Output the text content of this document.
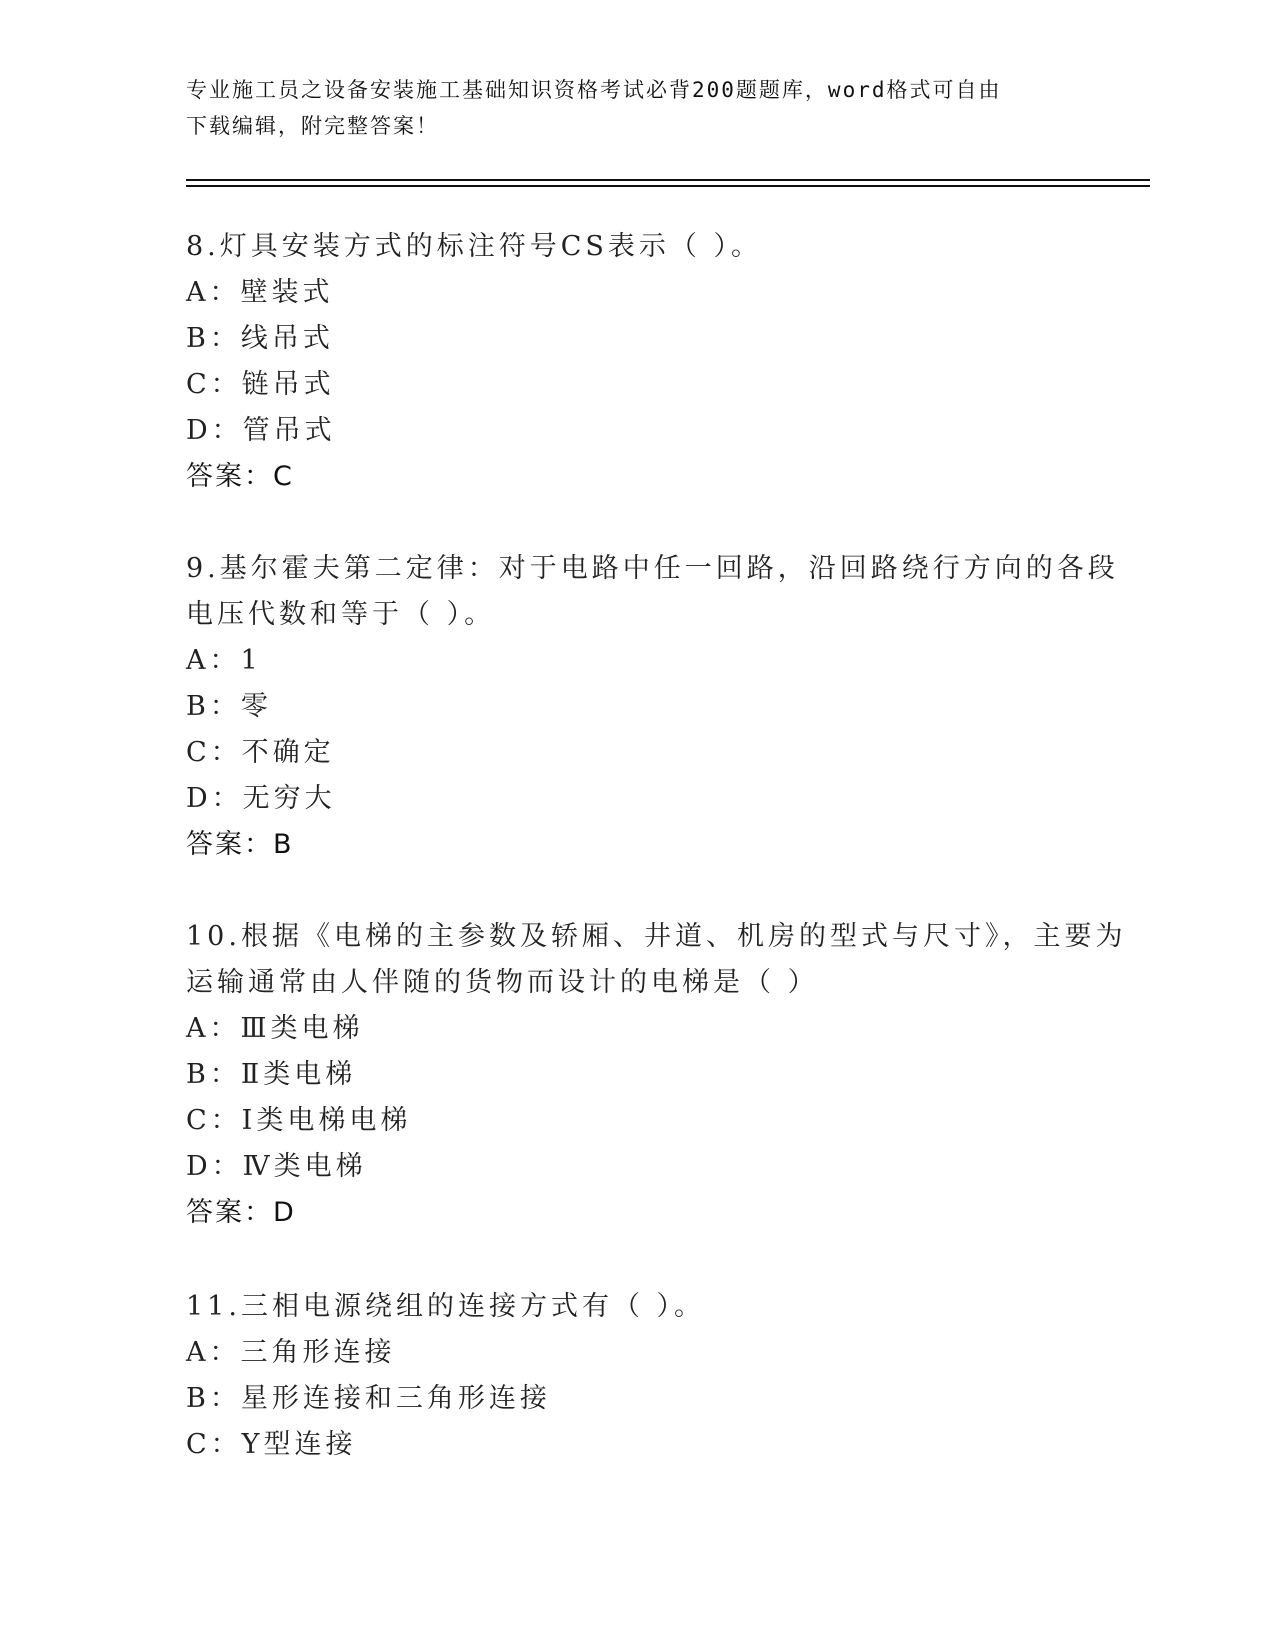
专业施工员之设备安装施工基础知识资格考试必背200题题库，word格式可自由
下载编辑，附完整答案！
8.灯具安装方式的标注符号CS表示（ ）。
A：壁装式
B：线吊式
C：链吊式
D：管吊式
答案：C
9.基尔霍夫第二定律：对于电路中任一回路，沿回路绕行方向的各段
电压代数和等于（ ）。
A：1
B：零
C：不确定
D：无穷大
答案：B
10.根据《电梯的主参数及轿厢、井道、机房的型式与尺寸》，主要为
运输通常由人伴随的货物而设计的电梯是（ ）
A：Ⅲ类电梯
B：Ⅱ类电梯
C：Ⅰ类电梯电梯
D：Ⅳ类电梯
答案：D
11.三相电源绕组的连接方式有（ ）。
A：三角形连接
B：星形连接和三角形连接
C：Y型连接
